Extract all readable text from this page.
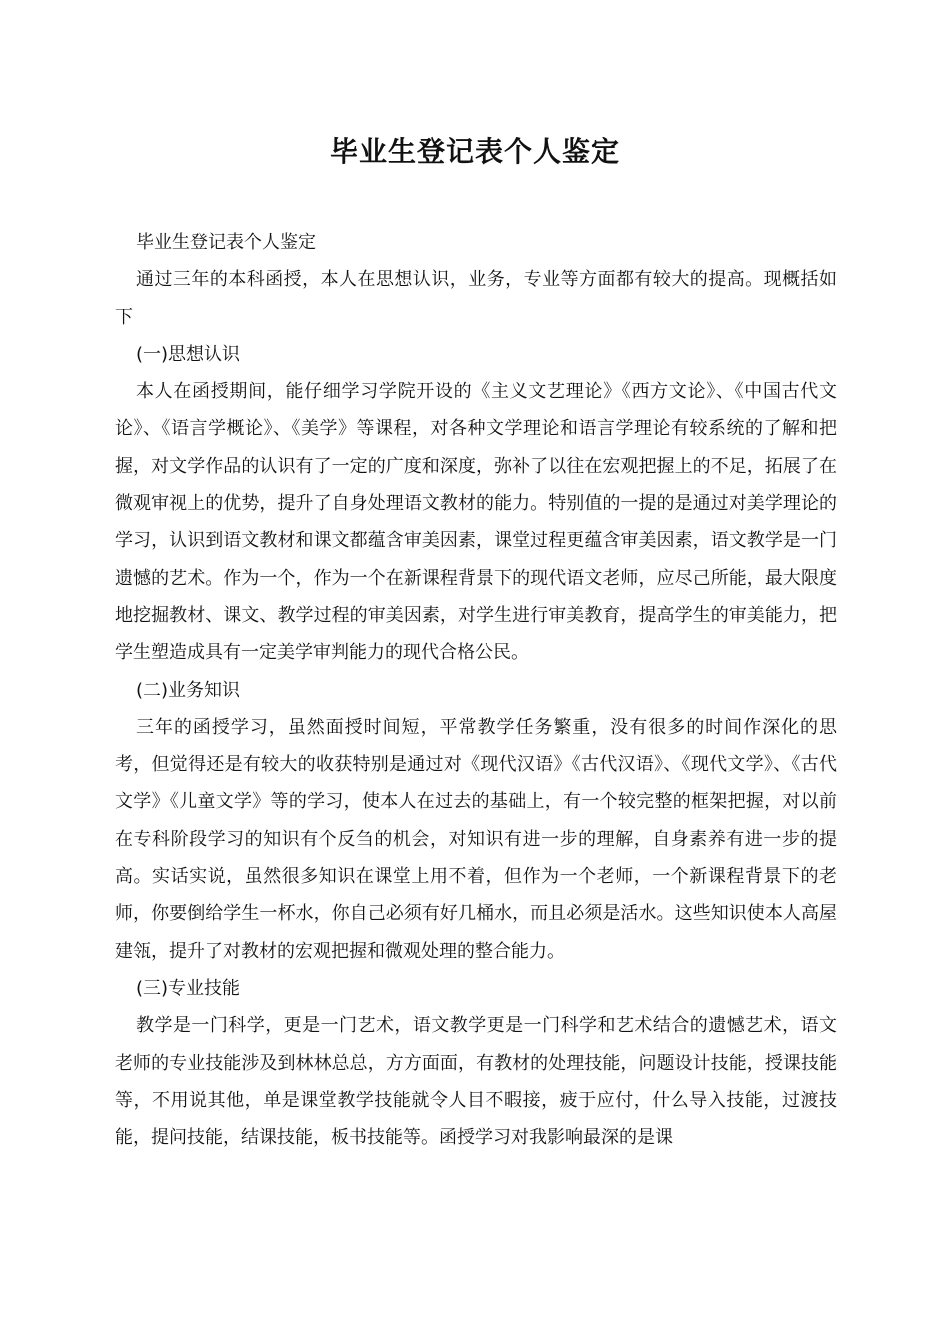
毕业生登记表个人鉴定

毕业生登记表个人鉴定

通过三年的本科函授，本人在思想认识，业务，专业等方面都有较大的提高。现概括如下

(一)思想认识

本人在函授期间，能仔细学习学院开设的《主义文艺理论》《西方文论》、《中国古代文论》、《语言学概论》、《美学》等课程，对各种文学理论和语言学理论有较系统的了解和把握，对文学作品的认识有了一定的广度和深度，弥补了以往在宏观把握上的不足，拓展了在微观审视上的优势，提升了自身处理语文教材的能力。特别值的一提的是通过对美学理论的学习，认识到语文教材和课文都蕴含审美因素，课堂过程更蕴含审美因素，语文教学是一门遗憾的艺术。作为一个，作为一个在新课程背景下的现代语文老师，应尽己所能，最大限度地挖掘教材、课文、教学过程的审美因素，对学生进行审美教育，提高学生的审美能力，把学生塑造成具有一定美学审判能力的现代合格公民。

(二)业务知识

三年的函授学习，虽然面授时间短，平常教学任务繁重，没有很多的时间作深化的思考，但觉得还是有较大的收获特别是通过对《现代汉语》《古代汉语》、《现代文学》、《古代文学》《儿童文学》等的学习，使本人在过去的基础上，有一个较完整的框架把握，对以前在专科阶段学习的知识有个反刍的机会，对知识有进一步的理解，自身素养有进一步的提高。实话实说，虽然很多知识在课堂上用不着，但作为一个老师，一个新课程背景下的老师，你要倒给学生一杯水，你自己必须有好几桶水，而且必须是活水。这些知识使本人高屋建瓴，提升了对教材的宏观把握和微观处理的整合能力。

(三)专业技能

教学是一门科学，更是一门艺术，语文教学更是一门科学和艺术结合的遗憾艺术，语文老师的专业技能涉及到林林总总，方方面面，有教材的处理技能，问题设计技能，授课技能等，不用说其他，单是课堂教学技能就令人目不暇接，疲于应付，什么导入技能，过渡技能，提问技能，结课技能，板书技能等。函授学习对我影响最深的是课
